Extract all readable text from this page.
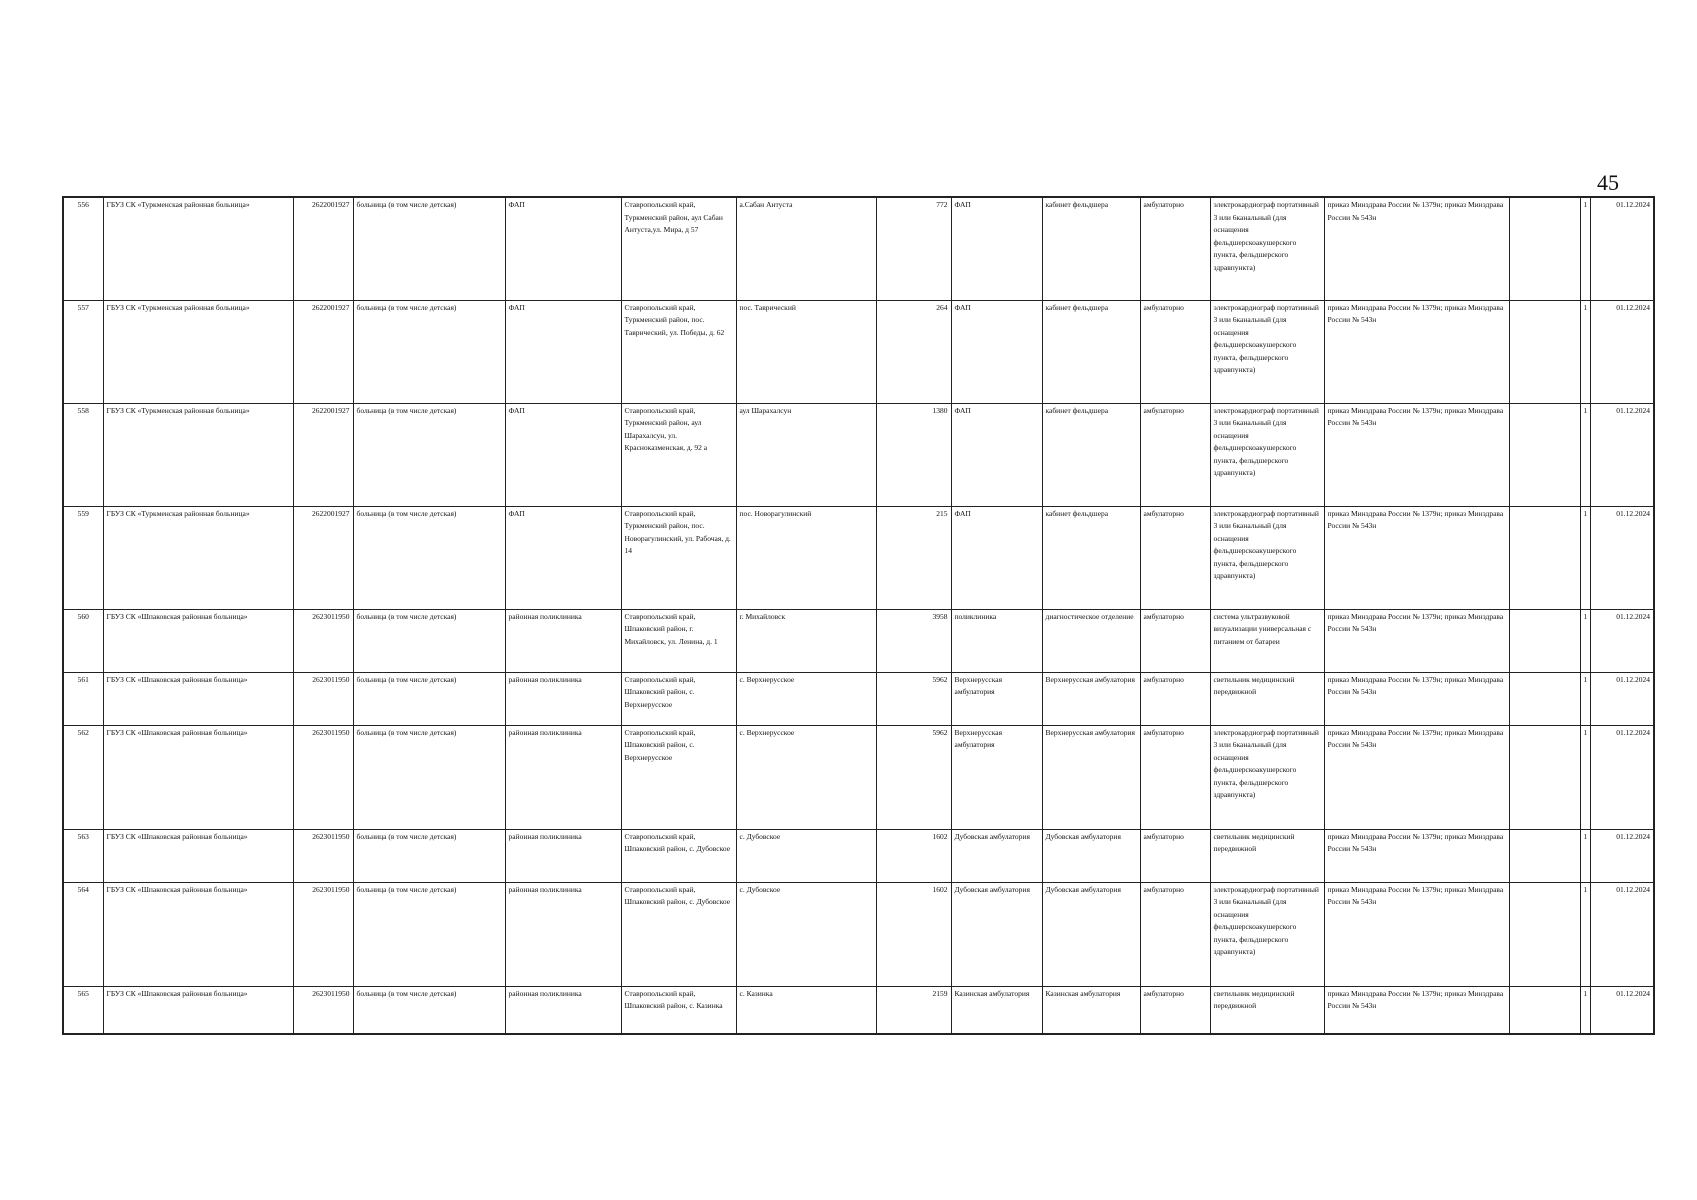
45
556	ГБУЗ СК «Туркменская районная больница»	2622001927	больница (в том числе детская)	ФАП	Ставропольский край, Туркменский район, аул Сабан Антуста,ул. Мира, д 57	а.Сабан Антуста	772	ФАП	кабинет фельдшера	амбулаторно	электрокардиограф портативный 3 или 6канальный (для оснащения фельдшерскоакушерского пункта, фельдшерского здравпункта)	приказ Минздрава России № 1379н; приказ Минздрава России № 543н		1	01.12.2024
557	ГБУЗ СК «Туркменская районная больница»	2622001927	больница (в том числе детская)	ФАП	Ставропольский край, Туркменский район, пос. Таврический, ул. Победы, д. 62	пос. Таврический	264	ФАП	кабинет фельдшера	амбулаторно	электрокардиограф портативный 3 или 6канальный (для оснащения фельдшерскоакушерского пункта, фельдшерского здравпункта)	приказ Минздрава России № 1379н; приказ Минздрава России № 543н		1	01.12.2024
558	ГБУЗ СК «Туркменская районная больница»	2622001927	больница (в том числе детская)	ФАП	Ставропольский край, Туркменский район, аул Шарахалсун, ул. Красноказменская, д. 92 а	аул Шарахалсун	1380	ФАП	кабинет фельдшера	амбулаторно	электрокардиограф портативный 3 или 6канальный (для оснащения фельдшерскоакушерского пункта, фельдшерского здравпункта)	приказ Минздрава России № 1379н; приказ Минздрава России № 543н		1	01.12.2024
559	ГБУЗ СК «Туркменская районная больница»	2622001927	больница (в том числе детская)	ФАП	Ставропольский край, Туркменский район, пос. Новорагулинский, ул. Рабочая, д. 14	пос. Новорагулинский	215	ФАП	кабинет фельдшера	амбулаторно	электрокардиограф портативный 3 или 6канальный (для оснащения фельдшерскоакушерского пункта, фельдшерского здравпункта)	приказ Минздрава России № 1379н; приказ Минздрава России № 543н		1	01.12.2024
560	ГБУЗ СК «Шпаковская районная больница»	2623011950	больница (в том числе детская)	районная поликлиника	Ставропольский край, Шпаковский район, г. Михайловск, ул. Ленина, д. 1	г. Михайловск	3958	поликлиника	диагностическое отделение	амбулаторно	система ультразвуковой визуализации универсальная с питанием от батареи	приказ Минздрава России № 1379н; приказ Минздрава России № 543н		1	01.12.2024
561	ГБУЗ СК «Шпаковская районная больница»	2623011950	больница (в том числе детская)	районная поликлиника	Ставропольский край, Шпаковский район, с. Верхнерусское	с. Верхнерусское	5962	Верхнерусская амбулатория	Верхнерусская амбулатория	амбулаторно	светильник медицинский передвижной	приказ Минздрава России № 1379н; приказ Минздрава России № 543н		1	01.12.2024
562	ГБУЗ СК «Шпаковская районная больница»	2623011950	больница (в том числе детская)	районная поликлиника	Ставропольский край, Шпаковский район, с. Верхнерусское	с. Верхнерусское	5962	Верхнерусская амбулатория	Верхнерусская амбулатория	амбулаторно	электрокардиограф портативный 3 или 6канальный (для оснащения фельдшерскоакушерского пункта, фельдшерского здравпункта)	приказ Минздрава России № 1379н; приказ Минздрава России № 543н		1	01.12.2024
563	ГБУЗ СК «Шпаковская районная больница»	2623011950	больница (в том числе детская)	районная поликлиника	Ставропольский край, Шпаковский район, с. Дубовское	с. Дубовское	1602	Дубовская амбулатория	Дубовская амбулатория	амбулаторно	светильник медицинский передвижной	приказ Минздрава России № 1379н; приказ Минздрава России № 543н		1	01.12.2024
564	ГБУЗ СК «Шпаковская районная больница»	2623011950	больница (в том числе детская)	районная поликлиника	Ставропольский край, Шпаковский район, с. Дубовское	с. Дубовское	1602	Дубовская амбулатория	Дубовская амбулатория	амбулаторно	электрокардиограф портативный 3 или 6канальный (для оснащения фельдшерскоакушерского пункта, фельдшерского здравпункта)	приказ Минздрава России № 1379н; приказ Минздрава России № 543н		1	01.12.2024
565	ГБУЗ СК «Шпаковская районная больница»	2623011950	больница (в том числе детская)	районная поликлиника	Ставропольский край, Шпаковский район, с. Казинка	с. Казинка	2159	Казинская амбулатория	Казинская амбулатория	амбулаторно	светильник медицинский передвижной	приказ Минздрава России № 1379н; приказ Минздрава России № 543н		1	01.12.2024
